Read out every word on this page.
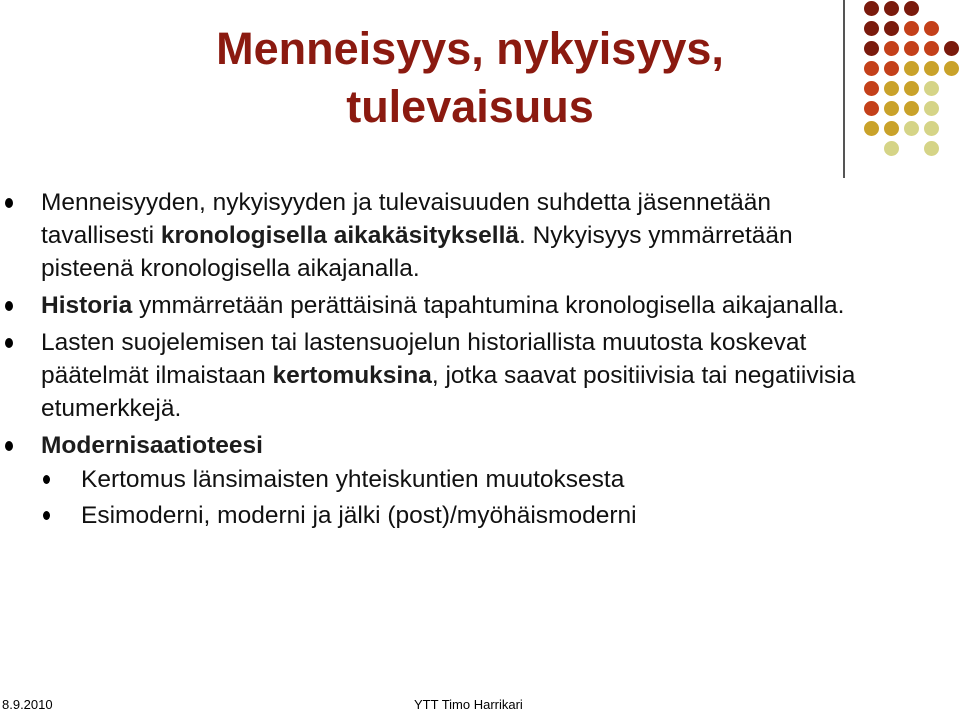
Menneisyys, nykyisyys,
tulevaisuus
Menneisyyden, nykyisyyden ja tulevaisuuden suhdetta jäsennetään tavallisesti kronologisella aikakäsityksellä. Nykyisyys ymmärretään pisteenä kronologisella aikajanalla.
Historia ymmärretään perättäisinä tapahtumina kronologisella aikajanalla.
Lasten suojelemisen tai lastensuojelun historiallista muutosta koskevat päätelmät ilmaistaan kertomuksina, jotka saavat positiivisia tai negatiivisia etumerkkejä.
Modernisaatioteesi
Kertomus länsimaisten yhteiskuntien muutoksesta
Esimoderni, moderni ja jälki (post)/myöhäismoderni
8.9.2010	YTT Timo Harrikari
